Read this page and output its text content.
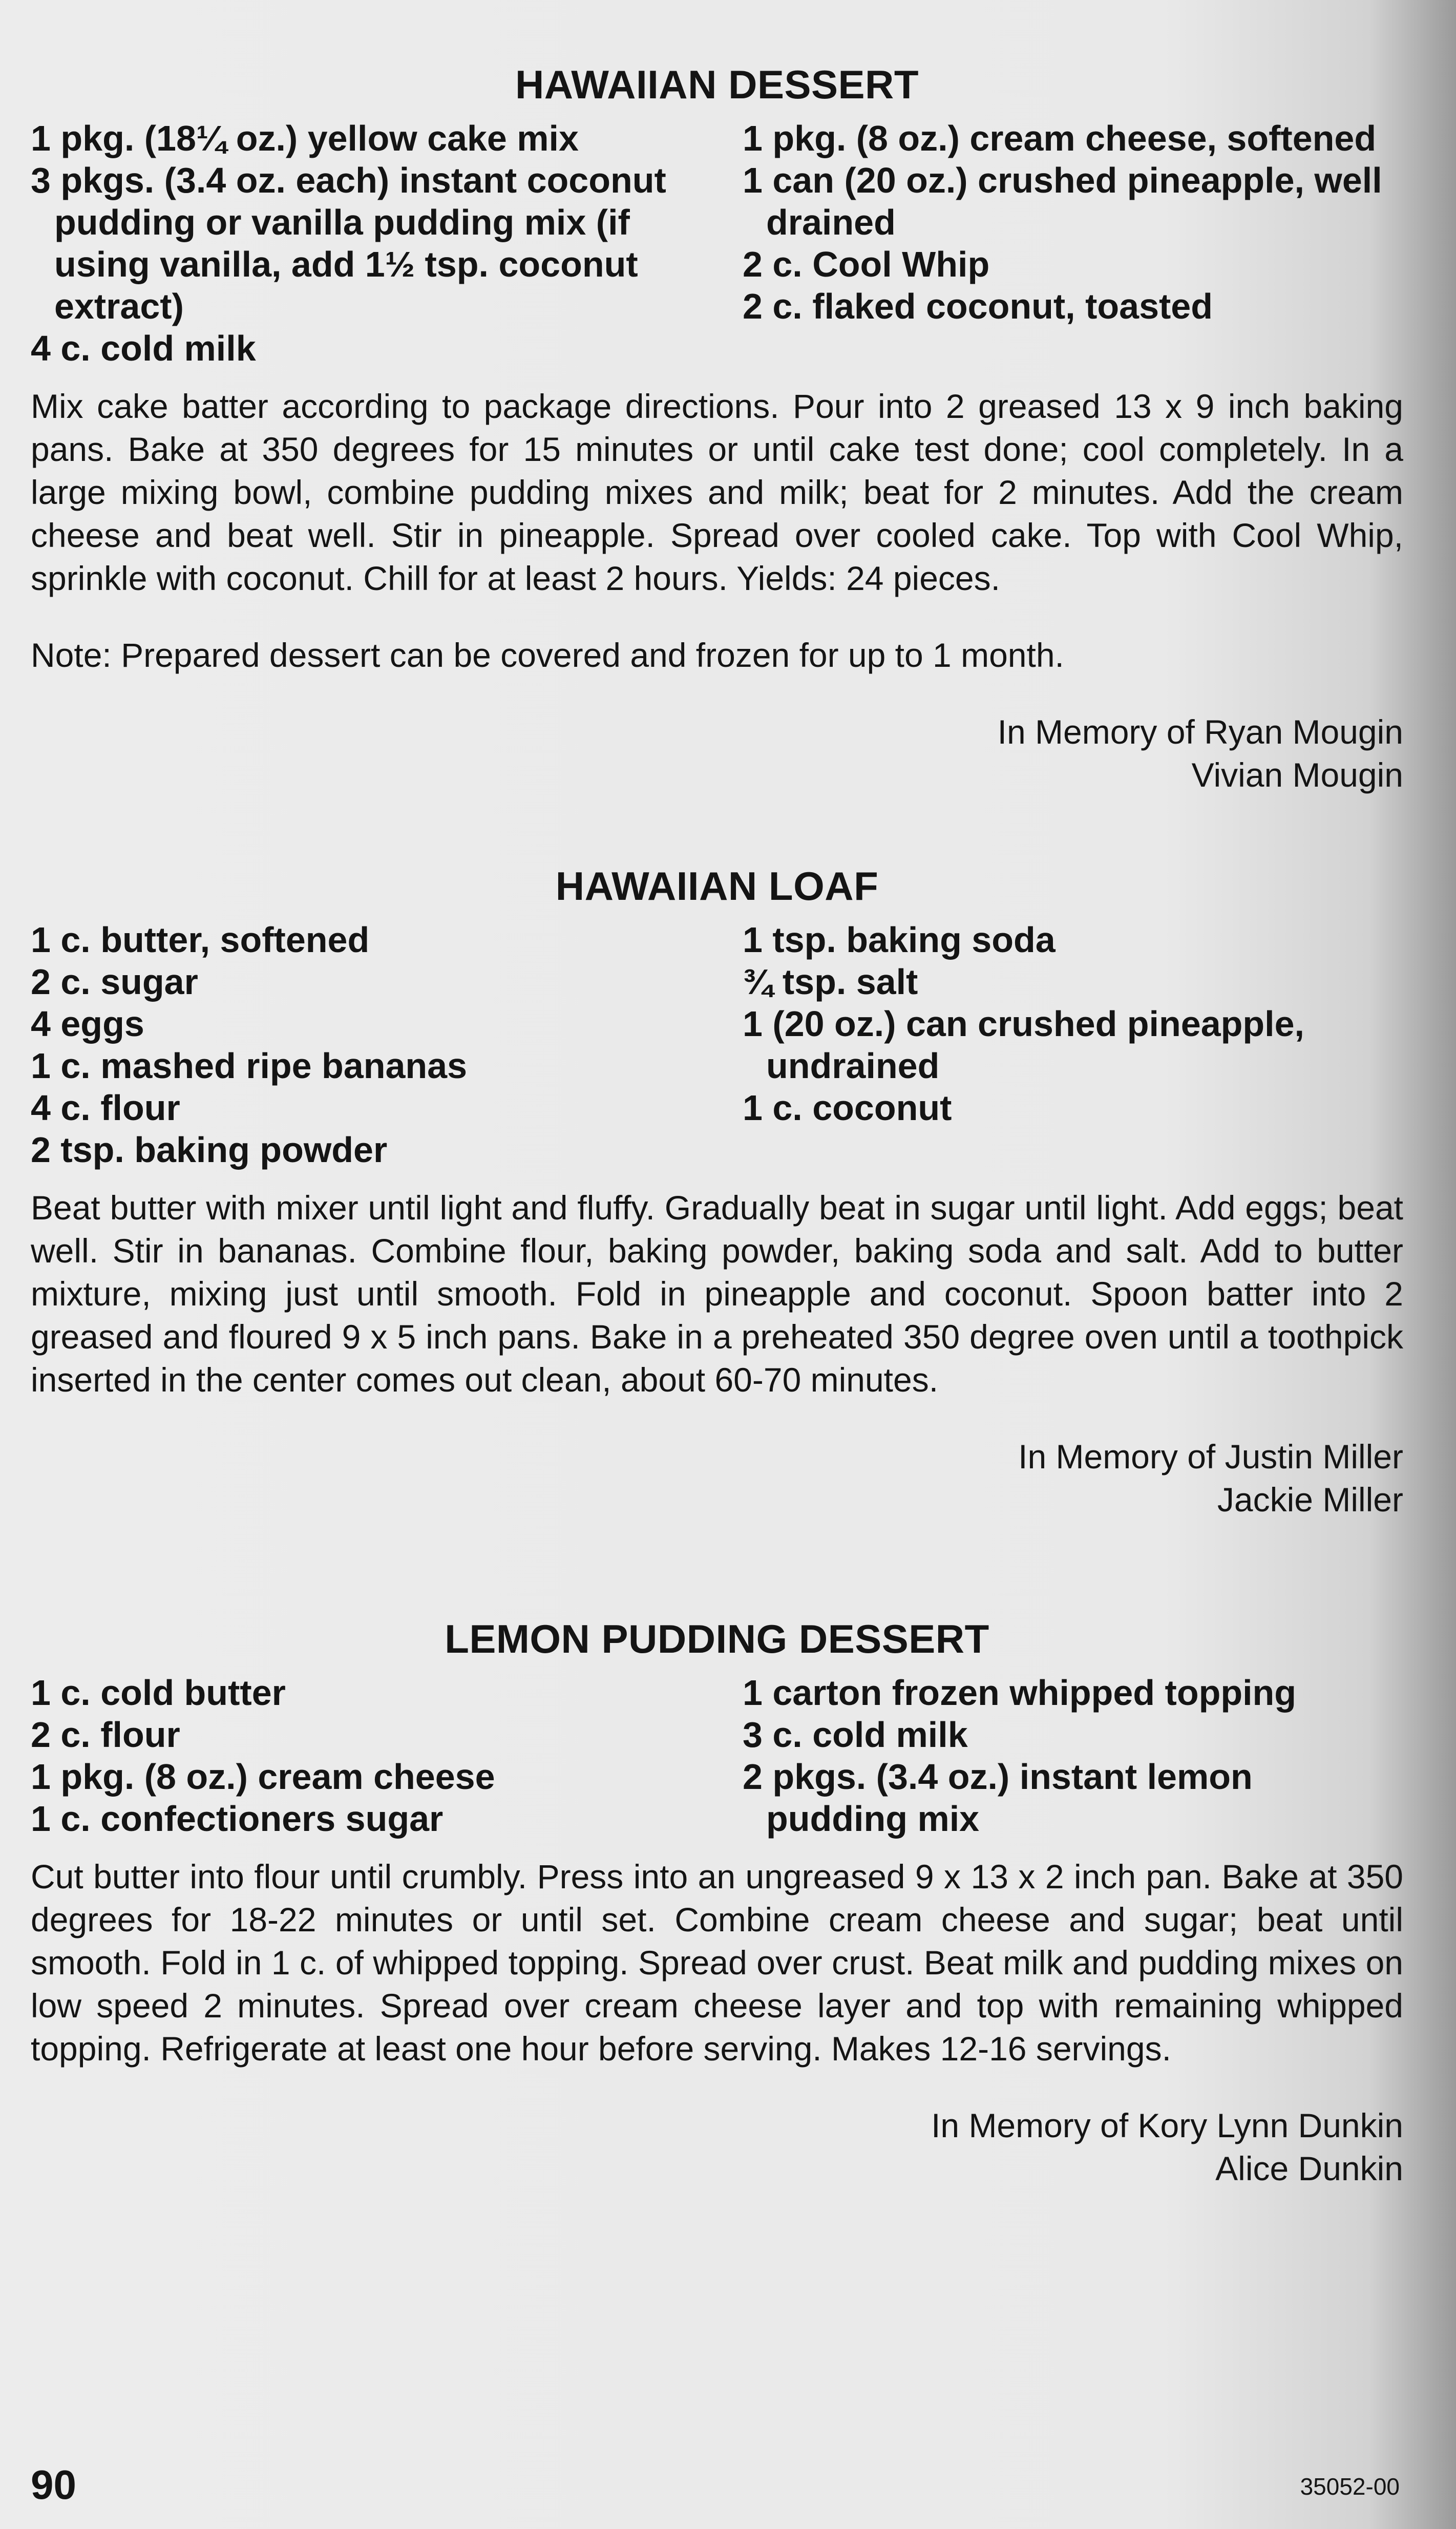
HAWAIIAN DESSERT
1 pkg. (18¼ oz.) yellow cake mix
3 pkgs. (3.4 oz. each) instant coconut pudding or vanilla pudding mix (if using vanilla, add 1½ tsp. coconut extract)
4 c. cold milk
1 pkg. (8 oz.) cream cheese, softened
1 can (20 oz.) crushed pineapple, well drained
2 c. Cool Whip
2 c. flaked coconut, toasted

Mix cake batter according to package directions. Pour into 2 greased 13 x 9 inch baking pans. Bake at 350 degrees for 15 minutes or until cake test done; cool completely. In a large mixing bowl, combine pudding mixes and milk; beat for 2 minutes. Add the cream cheese and beat well. Stir in pineapple. Spread over cooled cake. Top with Cool Whip, sprinkle with coconut. Chill for at least 2 hours. Yields: 24 pieces.

Note: Prepared dessert can be covered and frozen for up to 1 month.

In Memory of Ryan Mougin
Vivian Mougin
HAWAIIAN LOAF
1 c. butter, softened
2 c. sugar
4 eggs
1 c. mashed ripe bananas
4 c. flour
2 tsp. baking powder
1 tsp. baking soda
¾ tsp. salt
1 (20 oz.) can crushed pineapple, undrained
1 c. coconut

Beat butter with mixer until light and fluffy. Gradually beat in sugar until light. Add eggs; beat well. Stir in bananas. Combine flour, baking powder, baking soda and salt. Add to butter mixture, mixing just until smooth. Fold in pineapple and coconut. Spoon batter into 2 greased and floured 9 x 5 inch pans. Bake in a preheated 350 degree oven until a toothpick inserted in the center comes out clean, about 60-70 minutes.

In Memory of Justin Miller
Jackie Miller
LEMON PUDDING DESSERT
1 c. cold butter
2 c. flour
1 pkg. (8 oz.) cream cheese
1 c. confectioners sugar
1 carton frozen whipped topping
3 c. cold milk
2 pkgs. (3.4 oz.) instant lemon pudding mix

Cut butter into flour until crumbly. Press into an ungreased 9 x 13 x 2 inch pan. Bake at 350 degrees for 18-22 minutes or until set. Combine cream cheese and sugar; beat until smooth. Fold in 1 c. of whipped topping. Spread over crust. Beat milk and pudding mixes on low speed 2 minutes. Spread over cream cheese layer and top with remaining whipped topping. Refrigerate at least one hour before serving. Makes 12-16 servings.

In Memory of Kory Lynn Dunkin
Alice Dunkin
90	35052-00
